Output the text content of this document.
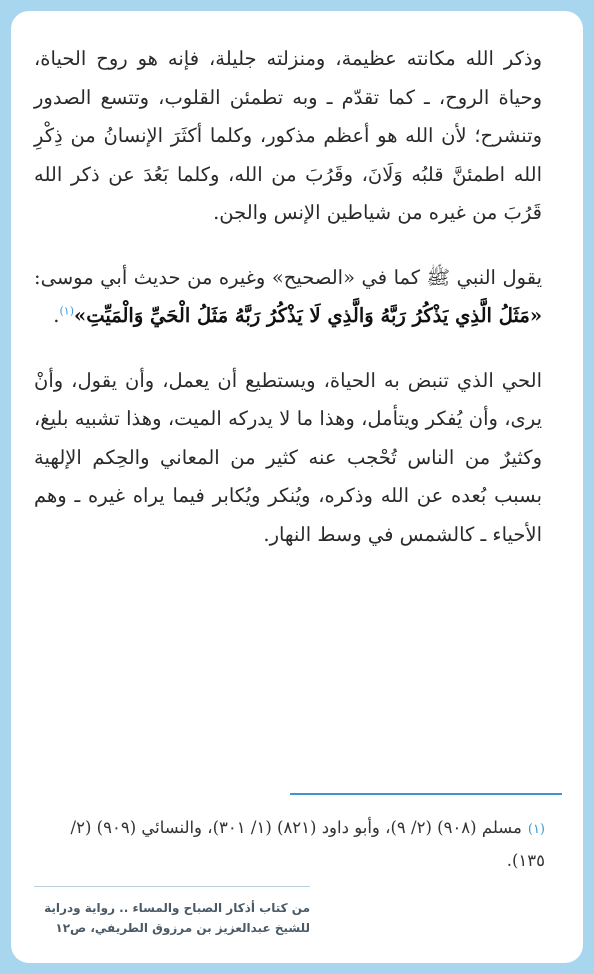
وذكر الله مكانته عظيمة، ومنزلته جليلة، فإنه هو روح الحياة، وحياة الروح، ـ كما تقدّم ـ وبه تطمئن القلوب، وتتسع الصدور وتنشرح؛ لأن الله هو أعظم مذكور، وكلما أكثَرَ الإنسانُ من ذِكْرِ الله اطمئنَّ قلبُه وَلَانَ، وقَرُبَ من الله، وكلما بَعُدَ عن ذكر الله قَرُبَ من غيره من شياطين الإنس والجن.

يقول النبي ﷺ كما في «الصحيح» وغيره من حديث أبي موسى: «مَثَلُ الَّذِي يَذْكُرُ رَبَّهُ وَالَّذِي لَا يَذْكُرُ رَبَّهُ مَثَلُ الْحَيِّ وَالْمَيِّتِ»$^{(١)}$.

الحي الذي تنبض به الحياة، ويستطيع أن يعمل، وأن يقول، وأنْ يرى، وأن يُفكر ويتأمل، وهذا ما لا يدركه الميت، وهذا تشبيه بليغ، وكثيرٌ من الناس تُحْجب عنه كثير من المعاني والحِكم الإلهية بسبب بُعده عن الله وذكره، ويُنكر ويُكابر فيما يراه غيره ـ وهم الأحياء ـ كالشمس في وسط النهار.

(١)مسلم (٩٠٨) (٢/ ٩)، وأبو داود (٨٢١) (١/ ٣٠١)، والنسائي (٩٠٩) (٢/ ١٣٥).
من كتاب أذكار الصباح والمساء .. رواية ودراية
للشيخ عبدالعزيز بن مرزوق الطريفي، ص١٢
